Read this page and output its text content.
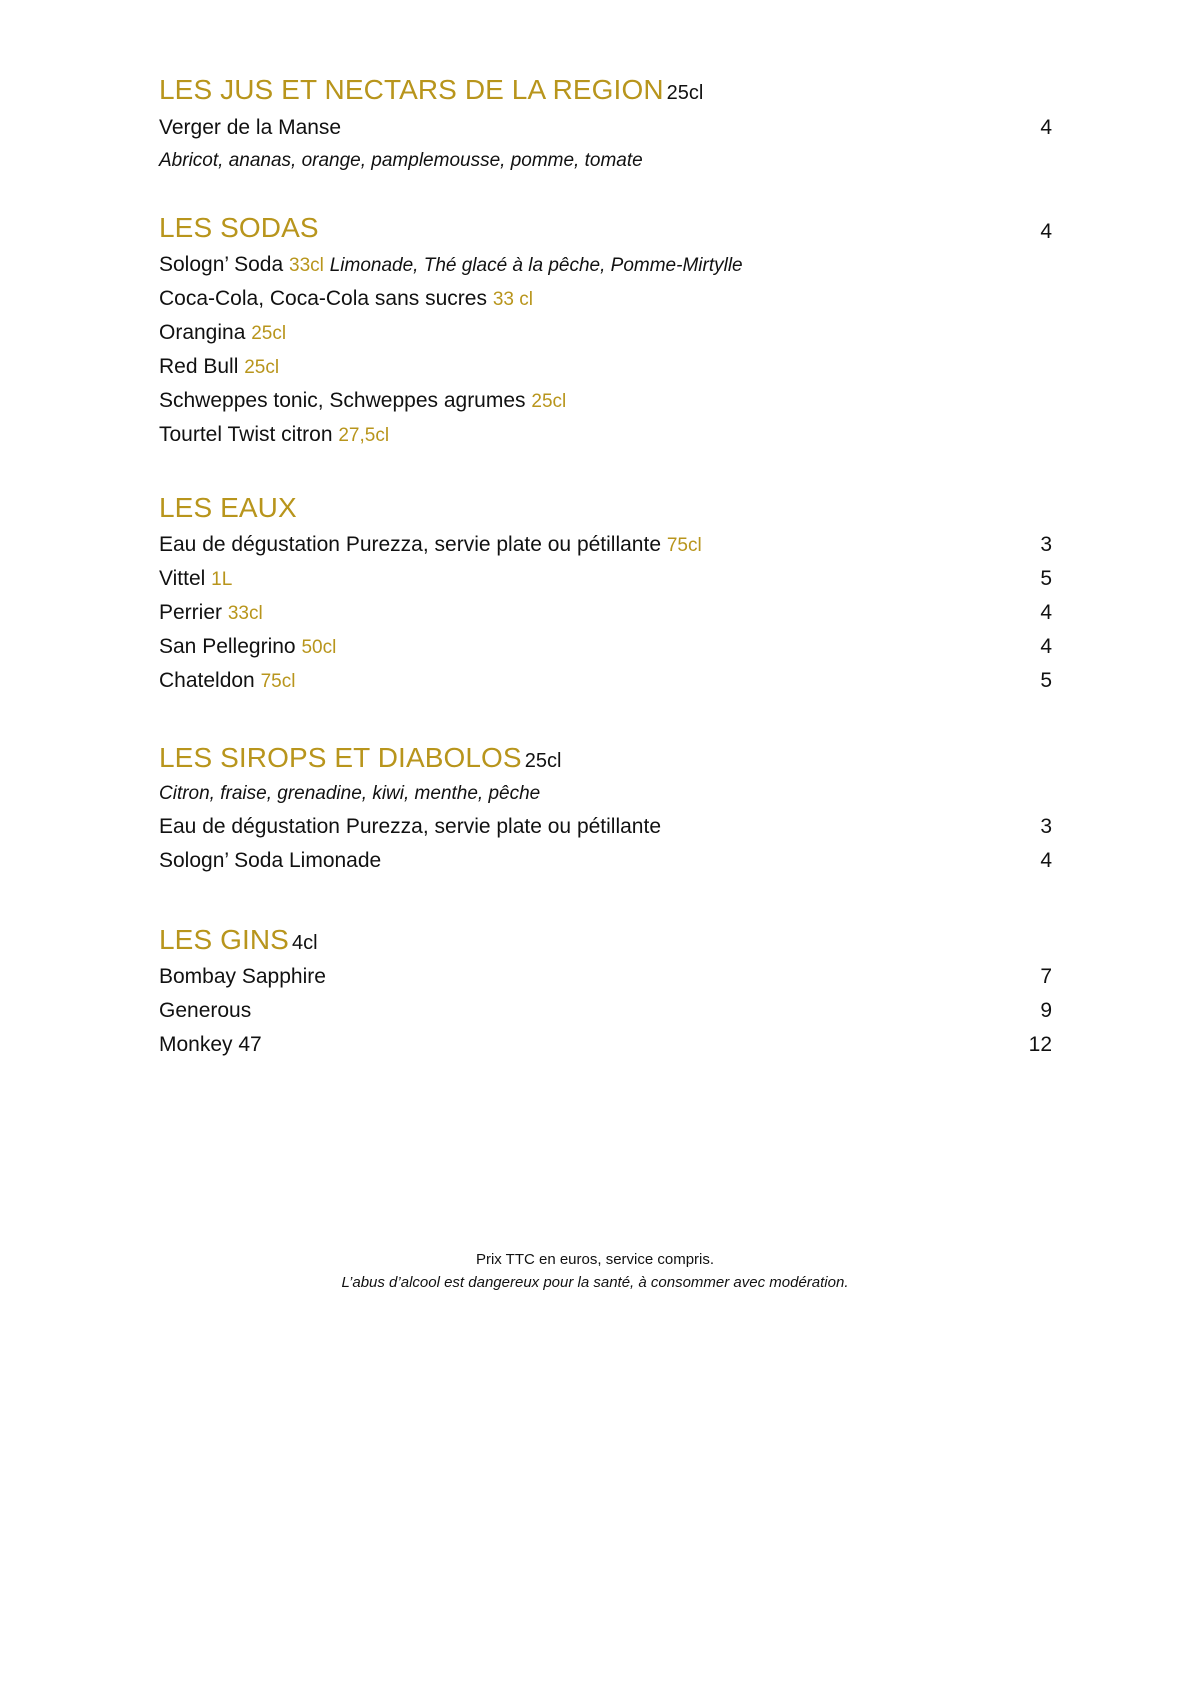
LES JUS ET NECTARS DE LA REGION 25cl
Verger de la Manse	4
Abricot, ananas, orange, pamplemousse, pomme, tomate
LES SODAS	4
Sologn’ Soda 33cl Limonade, Thé glacé à la pêche, Pomme-Mirtylle
Coca-Cola, Coca-Cola sans sucres 33 cl
Orangina 25cl
Red Bull 25cl
Schweppes tonic, Schweppes agrumes 25cl
Tourtel Twist citron 27,5cl
LES EAUX
Eau de dégustation Purezza, servie plate ou pétillante 75cl	3
Vittel 1L	5
Perrier 33cl	4
San Pellegrino 50cl	4
Chateldon 75cl	5
LES SIROPS ET DIABOLOS 25cl
Citron, fraise, grenadine, kiwi, menthe, pêche
Eau de dégustation Purezza, servie plate ou pétillante	3
Sologn’ Soda Limonade	4
LES GINS 4cl
Bombay Sapphire	7
Generous	9
Monkey 47	12
Prix TTC en euros, service compris.
L’abus d’alcool est dangereux pour la santé, à consommer avec modération.
